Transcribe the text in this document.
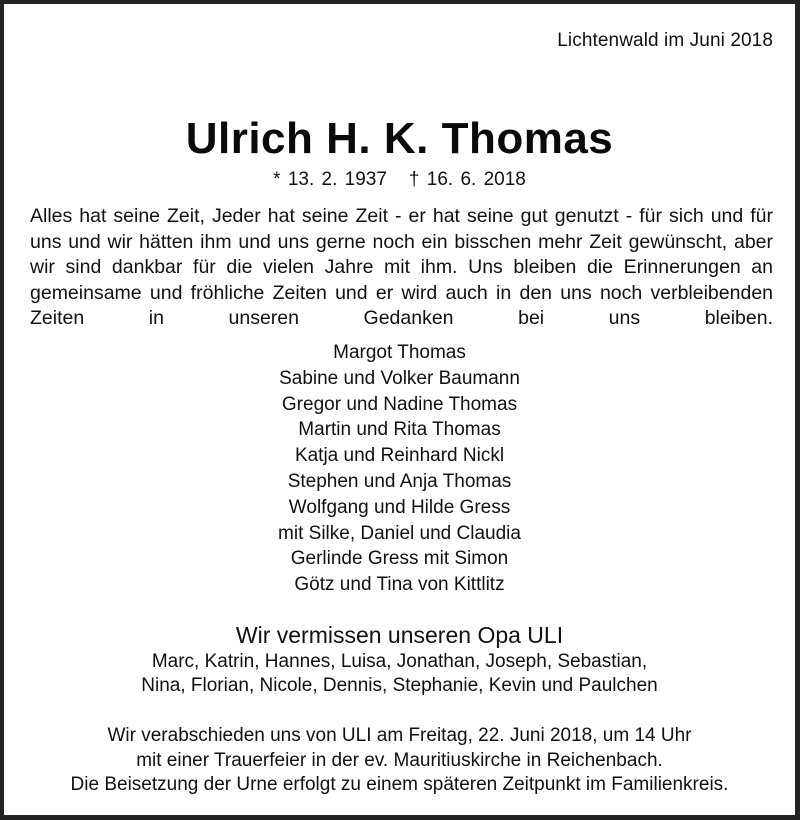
Lichtenwald im Juni 2018
Ulrich H. K. Thomas
* 13. 2. 1937 † 16. 6. 2018
Alles hat seine Zeit, Jeder hat seine Zeit - er hat seine gut genutzt - für sich und für uns und wir hätten ihm und uns gerne noch ein bisschen mehr Zeit gewünscht, aber wir sind dankbar für die vielen Jahre mit ihm. Uns bleiben die Erinnerungen an gemeinsame und fröhliche Zeiten und er wird auch in den uns noch verbleibenden Zeiten in unseren Gedanken bei uns bleiben.
Margot Thomas
Sabine und Volker Baumann
Gregor und Nadine Thomas
Martin und Rita Thomas
Katja und Reinhard Nickl
Stephen und Anja Thomas
Wolfgang und Hilde Gress
mit Silke, Daniel und Claudia
Gerlinde Gress mit Simon
Götz und Tina von Kittlitz
Wir vermissen unseren Opa ULI
Marc, Katrin, Hannes, Luisa, Jonathan, Joseph, Sebastian,
Nina, Florian, Nicole, Dennis, Stephanie, Kevin und Paulchen
Wir verabschieden uns von ULI am Freitag, 22. Juni 2018, um 14 Uhr
mit einer Trauerfeier in der ev. Mauritiuskirche in Reichenbach.
Die Beisetzung der Urne erfolgt zu einem späteren Zeitpunkt im Familienkreis.
